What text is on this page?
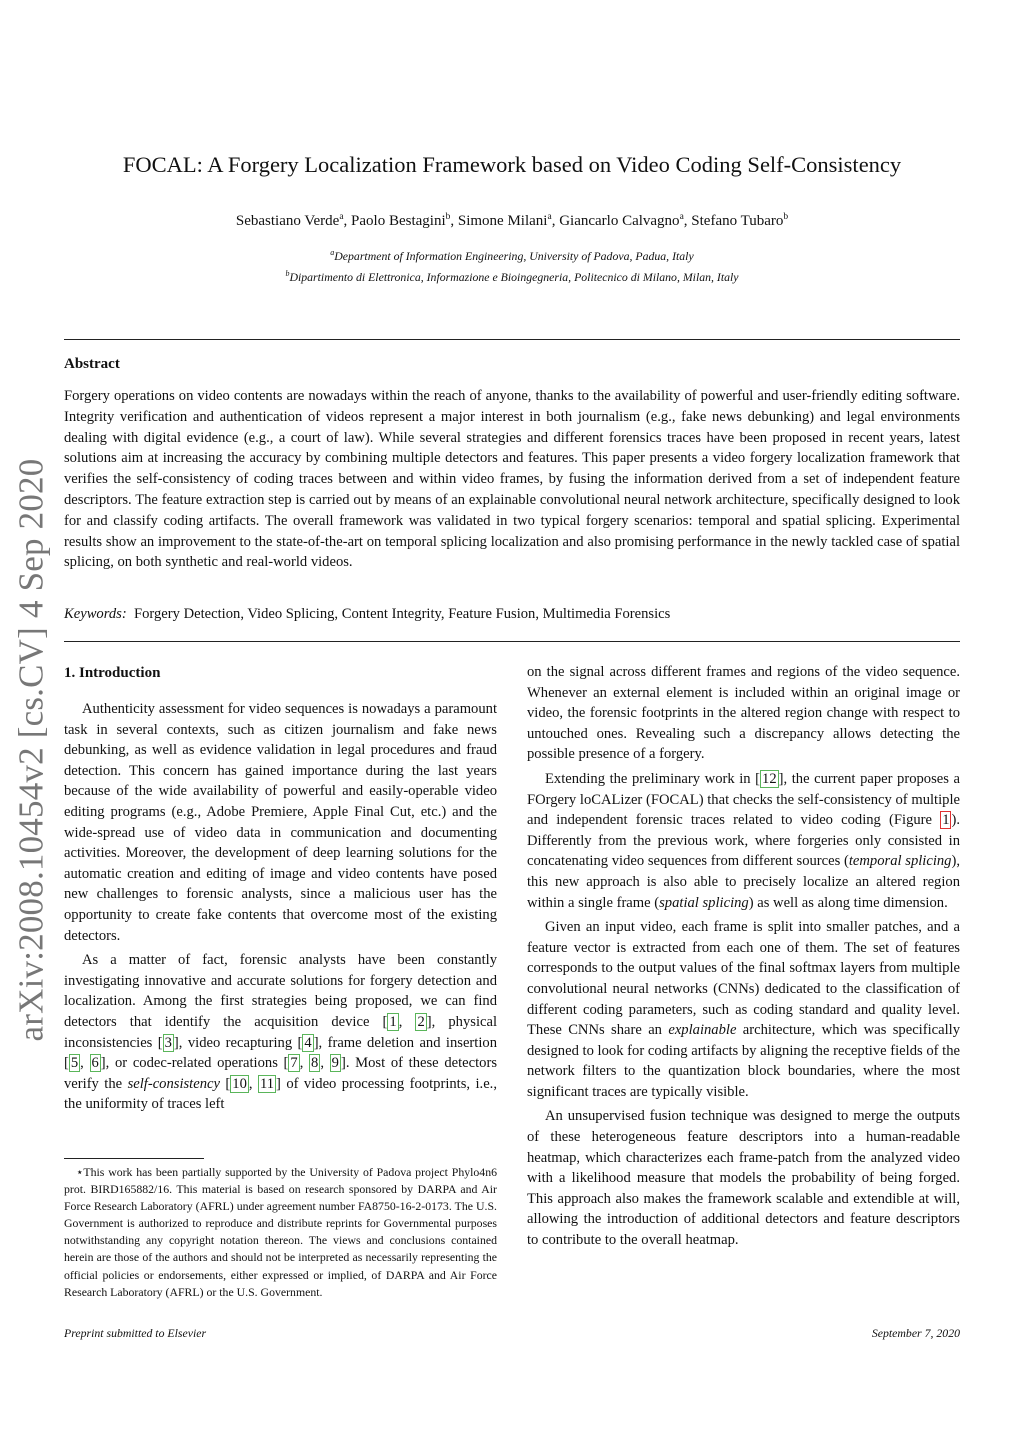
arXiv:2008.10454v2 [cs.CV] 4 Sep 2020
FOCAL: A Forgery Localization Framework based on Video Coding Self-Consistency
Sebastiano Verde$^a$, Paolo Bestagini$^b$, Simone Milani$^a$, Giancarlo Calvagno$^a$, Stefano Tubaro$^b$
$^a$Department of Information Engineering, University of Padova, Padua, Italy
$^b$Dipartimento di Elettronica, Informazione e Bioingegneria, Politecnico di Milano, Milan, Italy
Abstract

Forgery operations on video contents are nowadays within the reach of anyone, thanks to the availability of powerful and user-friendly editing software. Integrity verification and authentication of videos represent a major interest in both journalism (e.g., fake news debunking) and legal environments dealing with digital evidence (e.g., a court of law). While several strategies and different forensics traces have been proposed in recent years, latest solutions aim at increasing the accuracy by combining multiple detectors and features. This paper presents a video forgery localization framework that verifies the self-consistency of coding traces between and within video frames, by fusing the information derived from a set of independent feature descriptors. The feature extraction step is carried out by means of an explainable convolutional neural network architecture, specifically designed to look for and classify coding artifacts. The overall framework was validated in two typical forgery scenarios: temporal and spatial splicing. Experimental results show an improvement to the state-of-the-art on temporal splicing localization and also promising performance in the newly tackled case of spatial splicing, on both synthetic and real-world videos.

Keywords: Forgery Detection, Video Splicing, Content Integrity, Feature Fusion, Multimedia Forensics
1. Introduction

Authenticity assessment for video sequences is nowadays a paramount task in several contexts, such as citizen journalism and fake news debunking, as well as evidence validation in legal procedures and fraud detection. This concern has gained importance during the last years because of the wide availability of powerful and easily-operable video editing programs (e.g., Adobe Premiere, Apple Final Cut, etc.) and the wide-spread use of video data in communication and documenting activities. Moreover, the development of deep learning solutions for the automatic creation and editing of image and video contents have posed new challenges to forensic analysts, since a malicious user has the opportunity to create fake contents that overcome most of the existing detectors.

As a matter of fact, forensic analysts have been constantly investigating innovative and accurate solutions for forgery detection and localization. Among the first strategies being proposed, we can find detectors that identify the acquisition device [ 1 , 2 ], physical inconsistencies [ 3 ], video recapturing [ 4 ], frame deletion and insertion [ 5 , 6 ], or codec-related operations [ 7 , 8 , 9 ]. Most of these detectors verify the self-consistency [ 10 , 11 ] of video processing footprints, i.e., the uniformity of traces left

⋆This work has been partially supported by the University of Padova project Phylo4n6 prot. BIRD165882/16. This material is based on research sponsored by DARPA and Air Force Research Laboratory (AFRL) under agreement number FA8750-16-2-0173. The U.S. Government is authorized to reproduce and distribute reprints for Governmental purposes notwithstanding any copyright notation thereon. The views and conclusions contained herein are those of the authors and should not be interpreted as necessarily representing the official policies or endorsements, either expressed or implied, of DARPA and Air Force Research Laboratory (AFRL) or the U.S. Government.

on the signal across different frames and regions of the video sequence. Whenever an external element is included within an original image or video, the forensic footprints in the altered region change with respect to untouched ones. Revealing such a discrepancy allows detecting the possible presence of a forgery.

Extending the preliminary work in [ 12 ], the current paper proposes a FOrgery loCALizer (FOCAL) that checks the self-consistency of multiple and independent forensic traces related to video coding (Figure 1 ). Differently from the previous work, where forgeries only consisted in concatenating video sequences from different sources (temporal splicing), this new approach is also able to precisely localize an altered region within a single frame (spatial splicing) as well as along time dimension.

Given an input video, each frame is split into smaller patches, and a feature vector is extracted from each one of them. The set of features corresponds to the output values of the final softmax layers from multiple convolutional neural networks (CNNs) dedicated to the classification of different coding parameters, such as coding standard and quality level. These CNNs share an explainable architecture, which was specifically designed to look for coding artifacts by aligning the receptive fields of the network filters to the quantization block boundaries, where the most significant traces are typically visible.

An unsupervised fusion technique was designed to merge the outputs of these heterogeneous feature descriptors into a human-readable heatmap, which characterizes each frame-patch from the analyzed video with a likelihood measure that models the probability of being forged. This approach also makes the framework scalable and extendible at will, allowing the introduction of additional detectors and feature descriptors to contribute to the overall heatmap.

Preprint submitted to Elsevier	September 7, 2020
